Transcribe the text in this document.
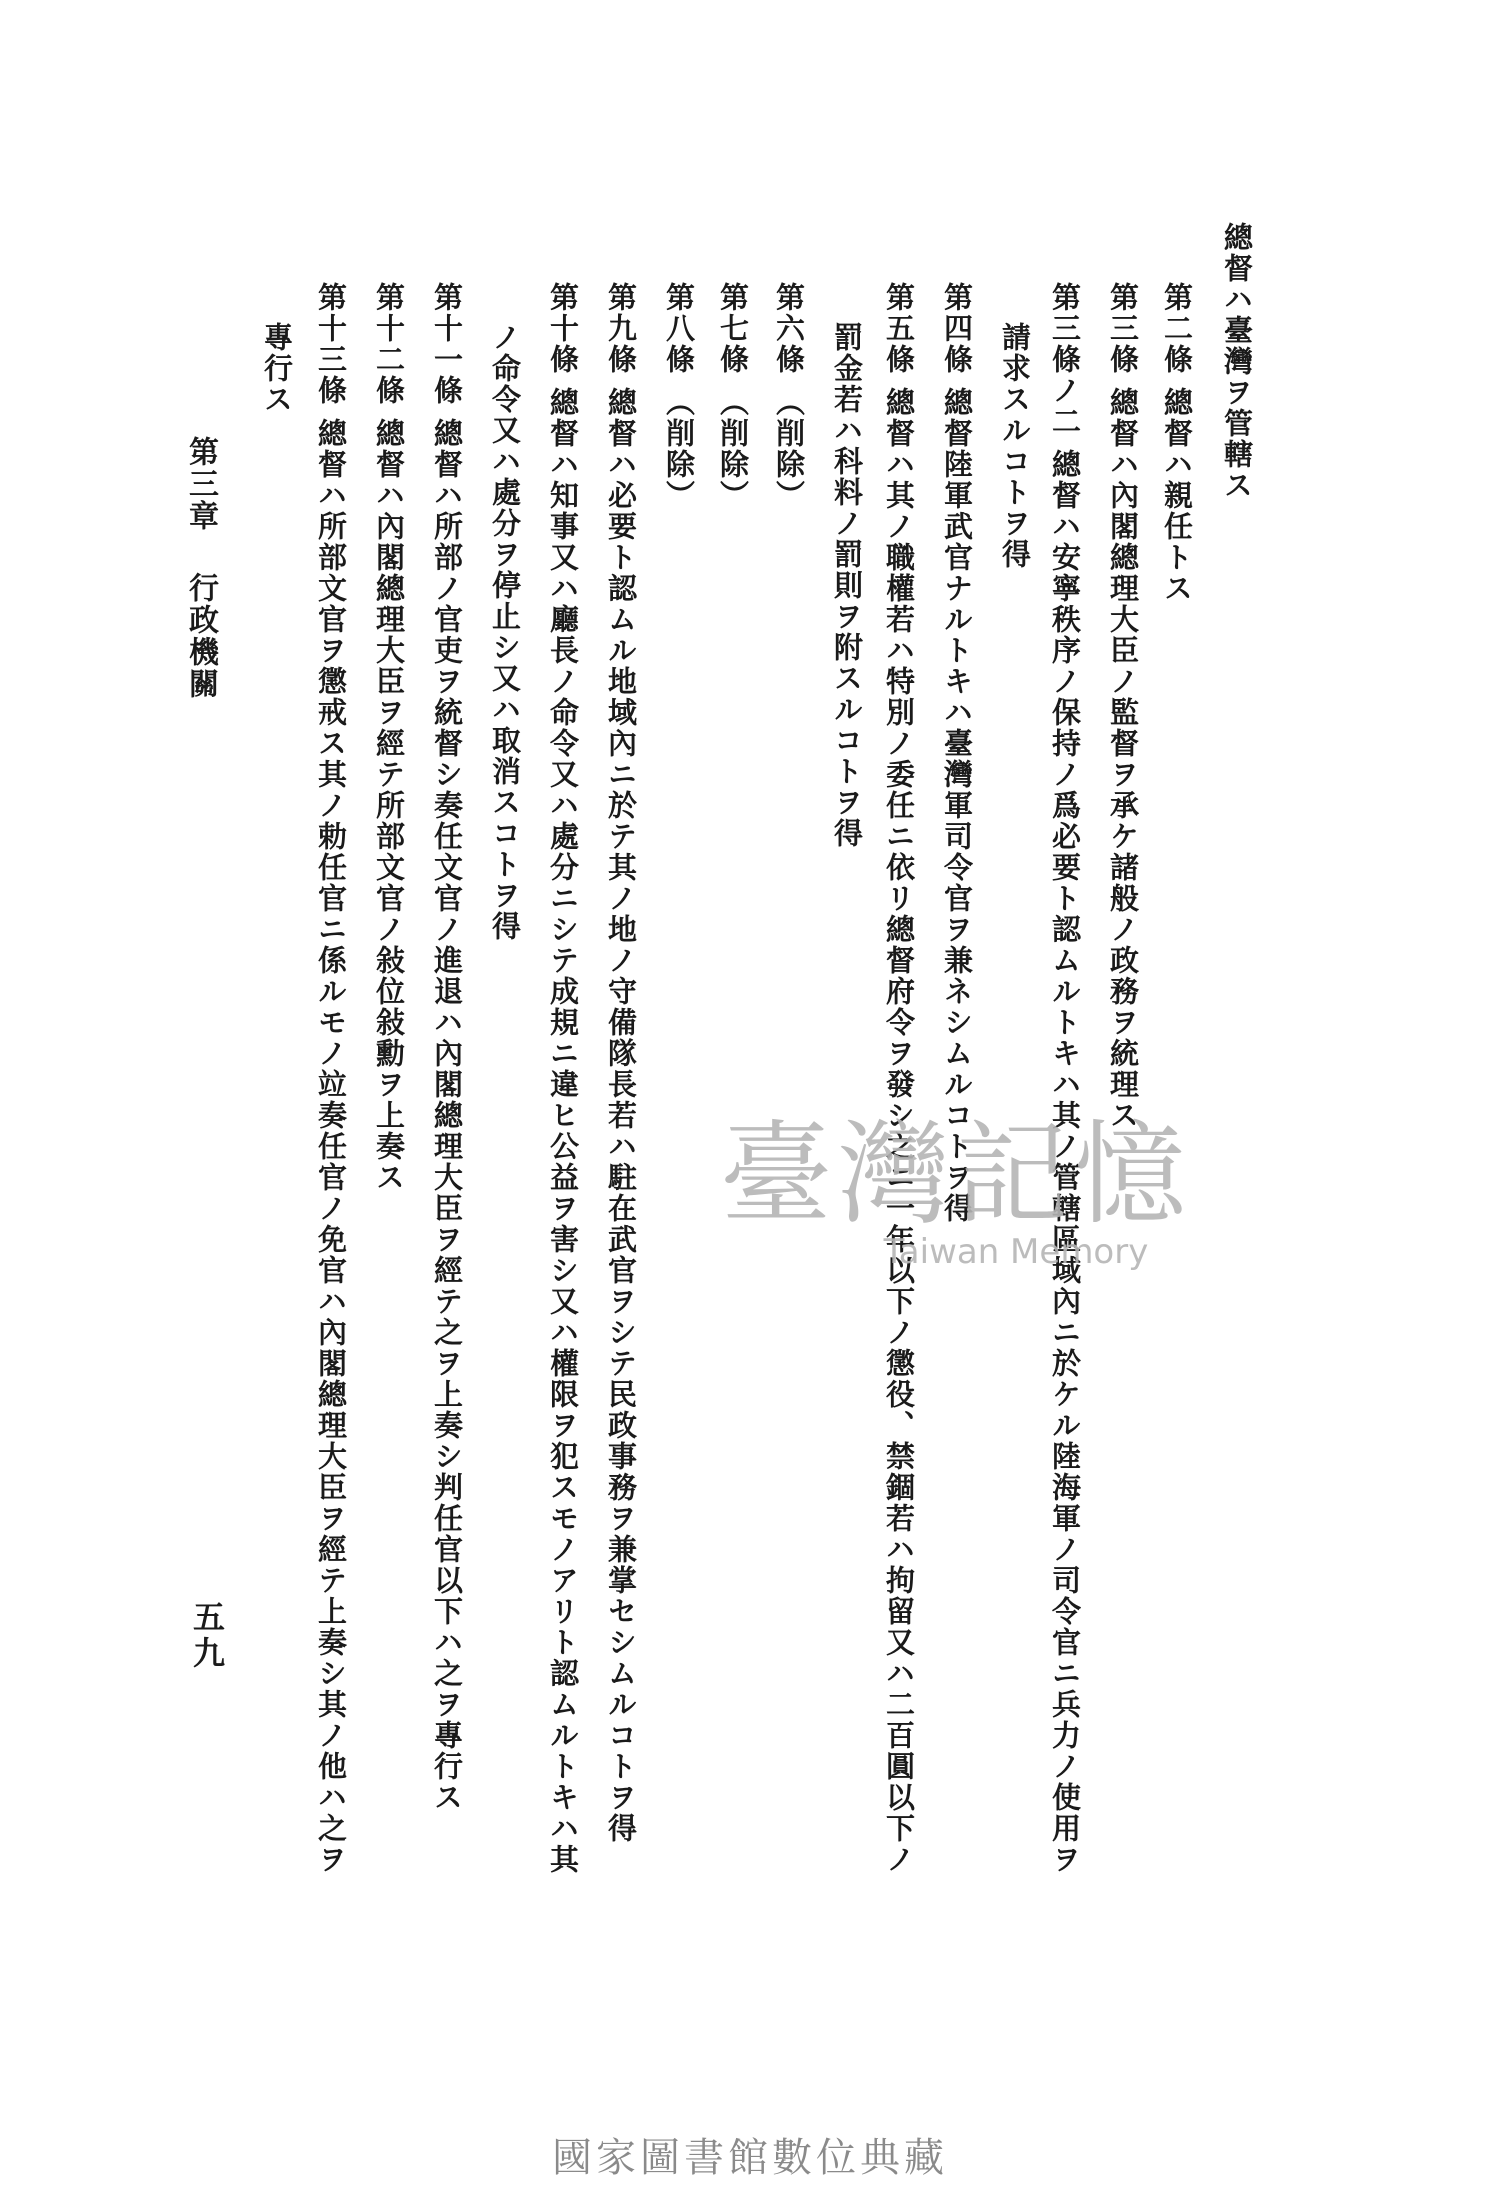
總督ハ臺灣ヲ管轄ス
第二條總督ハ親任トス
第三條總督ハ內閣總理大臣ノ監督ヲ承ケ諸般ノ政務ヲ統理ス
第三條ノ二總督ハ安寧秩序ノ保持ノ爲必要ト認ムルトキハ其ノ管轄區域內ニ於ケル陸海軍ノ司令官ニ兵力ノ使用ヲ
請求スルコトヲ得
第四條總督陸軍武官ナルトキハ臺灣軍司令官ヲ兼ネシムルコトヲ得
第五條總督ハ其ノ職權若ハ特別ノ委任ニ依リ總督府令ヲ發シ之ニ一年以下ノ懲役、禁錮若ハ拘留又ハ二百圓以下ノ
罰金若ハ科料ノ罰則ヲ附スルコトヲ得
第六條（削除）
第七條（削除）
第八條（削除）
第九條總督ハ必要ト認ムル地域內ニ於テ其ノ地ノ守備隊長若ハ駐在武官ヲシテ民政事務ヲ兼掌セシムルコトヲ得
第十條總督ハ知事又ハ廳長ノ命令又ハ處分ニシテ成規ニ違ヒ公益ヲ害シ又ハ權限ヲ犯スモノアリト認ムルトキハ其
ノ命令又ハ處分ヲ停止シ又ハ取消スコトヲ得
第十一條總督ハ所部ノ官吏ヲ統督シ奏任文官ノ進退ハ內閣總理大臣ヲ經テ之ヲ上奏シ判任官以下ハ之ヲ專行ス
第十二條總督ハ內閣總理大臣ヲ經テ所部文官ノ敍位敍勳ヲ上奏ス
第十三條總督ハ所部文官ヲ懲戒ス其ノ勅任官ニ係ルモノ竝奏任官ノ免官ハ內閣總理大臣ヲ經テ上奏シ其ノ他ハ之ヲ
專行ス
第三章行政機關
五九
臺灣記憶
Taiwan Memory
國家圖書館數位典藏
